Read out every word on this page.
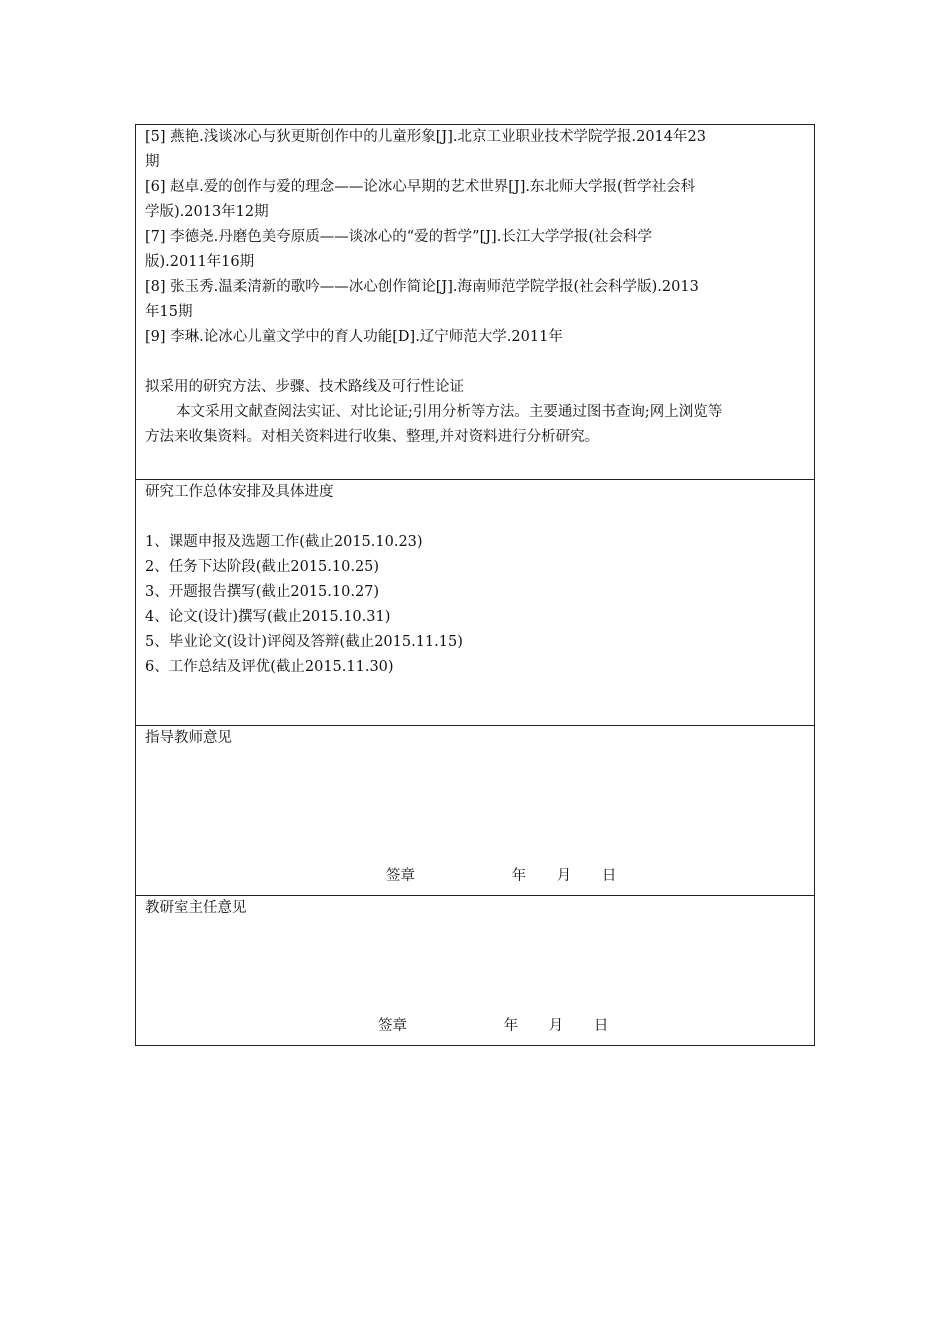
[5] 燕艳.浅谈冰心与狄更斯创作中的儿童形象[J].北京工业职业技术学院学报.2014年23
期
[6] 赵卓.爱的创作与爱的理念——论冰心早期的艺术世界[J].东北师大学报(哲学社会科
学版).2013年12期
[7] 李德尧.丹磨色美夸原质——谈冰心的“爱的哲学”[J].长江大学学报(社会科学
版).2011年16期
[8] 张玉秀.温柔清新的歌吟——冰心创作简论[J].海南师范学院学报(社会科学版).2013
年15期
[9] 李琳.论冰心儿童文学中的育人功能[D].辽宁师范大学.2011年
拟采用的研究方法、步骤、技术路线及可行性论证
本文采用文献查阅法实证、对比论证;引用分析等方法。主要通过图书查询;网上浏览等
方法来收集资料。对相关资料进行收集、整理,并对资料进行分析研究。
研究工作总体安排及具体进度
1、课题申报及选题工作(截止2015.10.23)
2、任务下达阶段(截止2015.10.25)
3、开题报告撰写(截止2015.10.27)
4、论文(设计)撰写(截止2015.10.31)
5、毕业论文(设计)评阅及答辩(截止2015.11.15)
6、工作总结及评优(截止2015.11.30)
指导教师意见
签章	年 月 日
教研室主任意见
签章	年 月 日
